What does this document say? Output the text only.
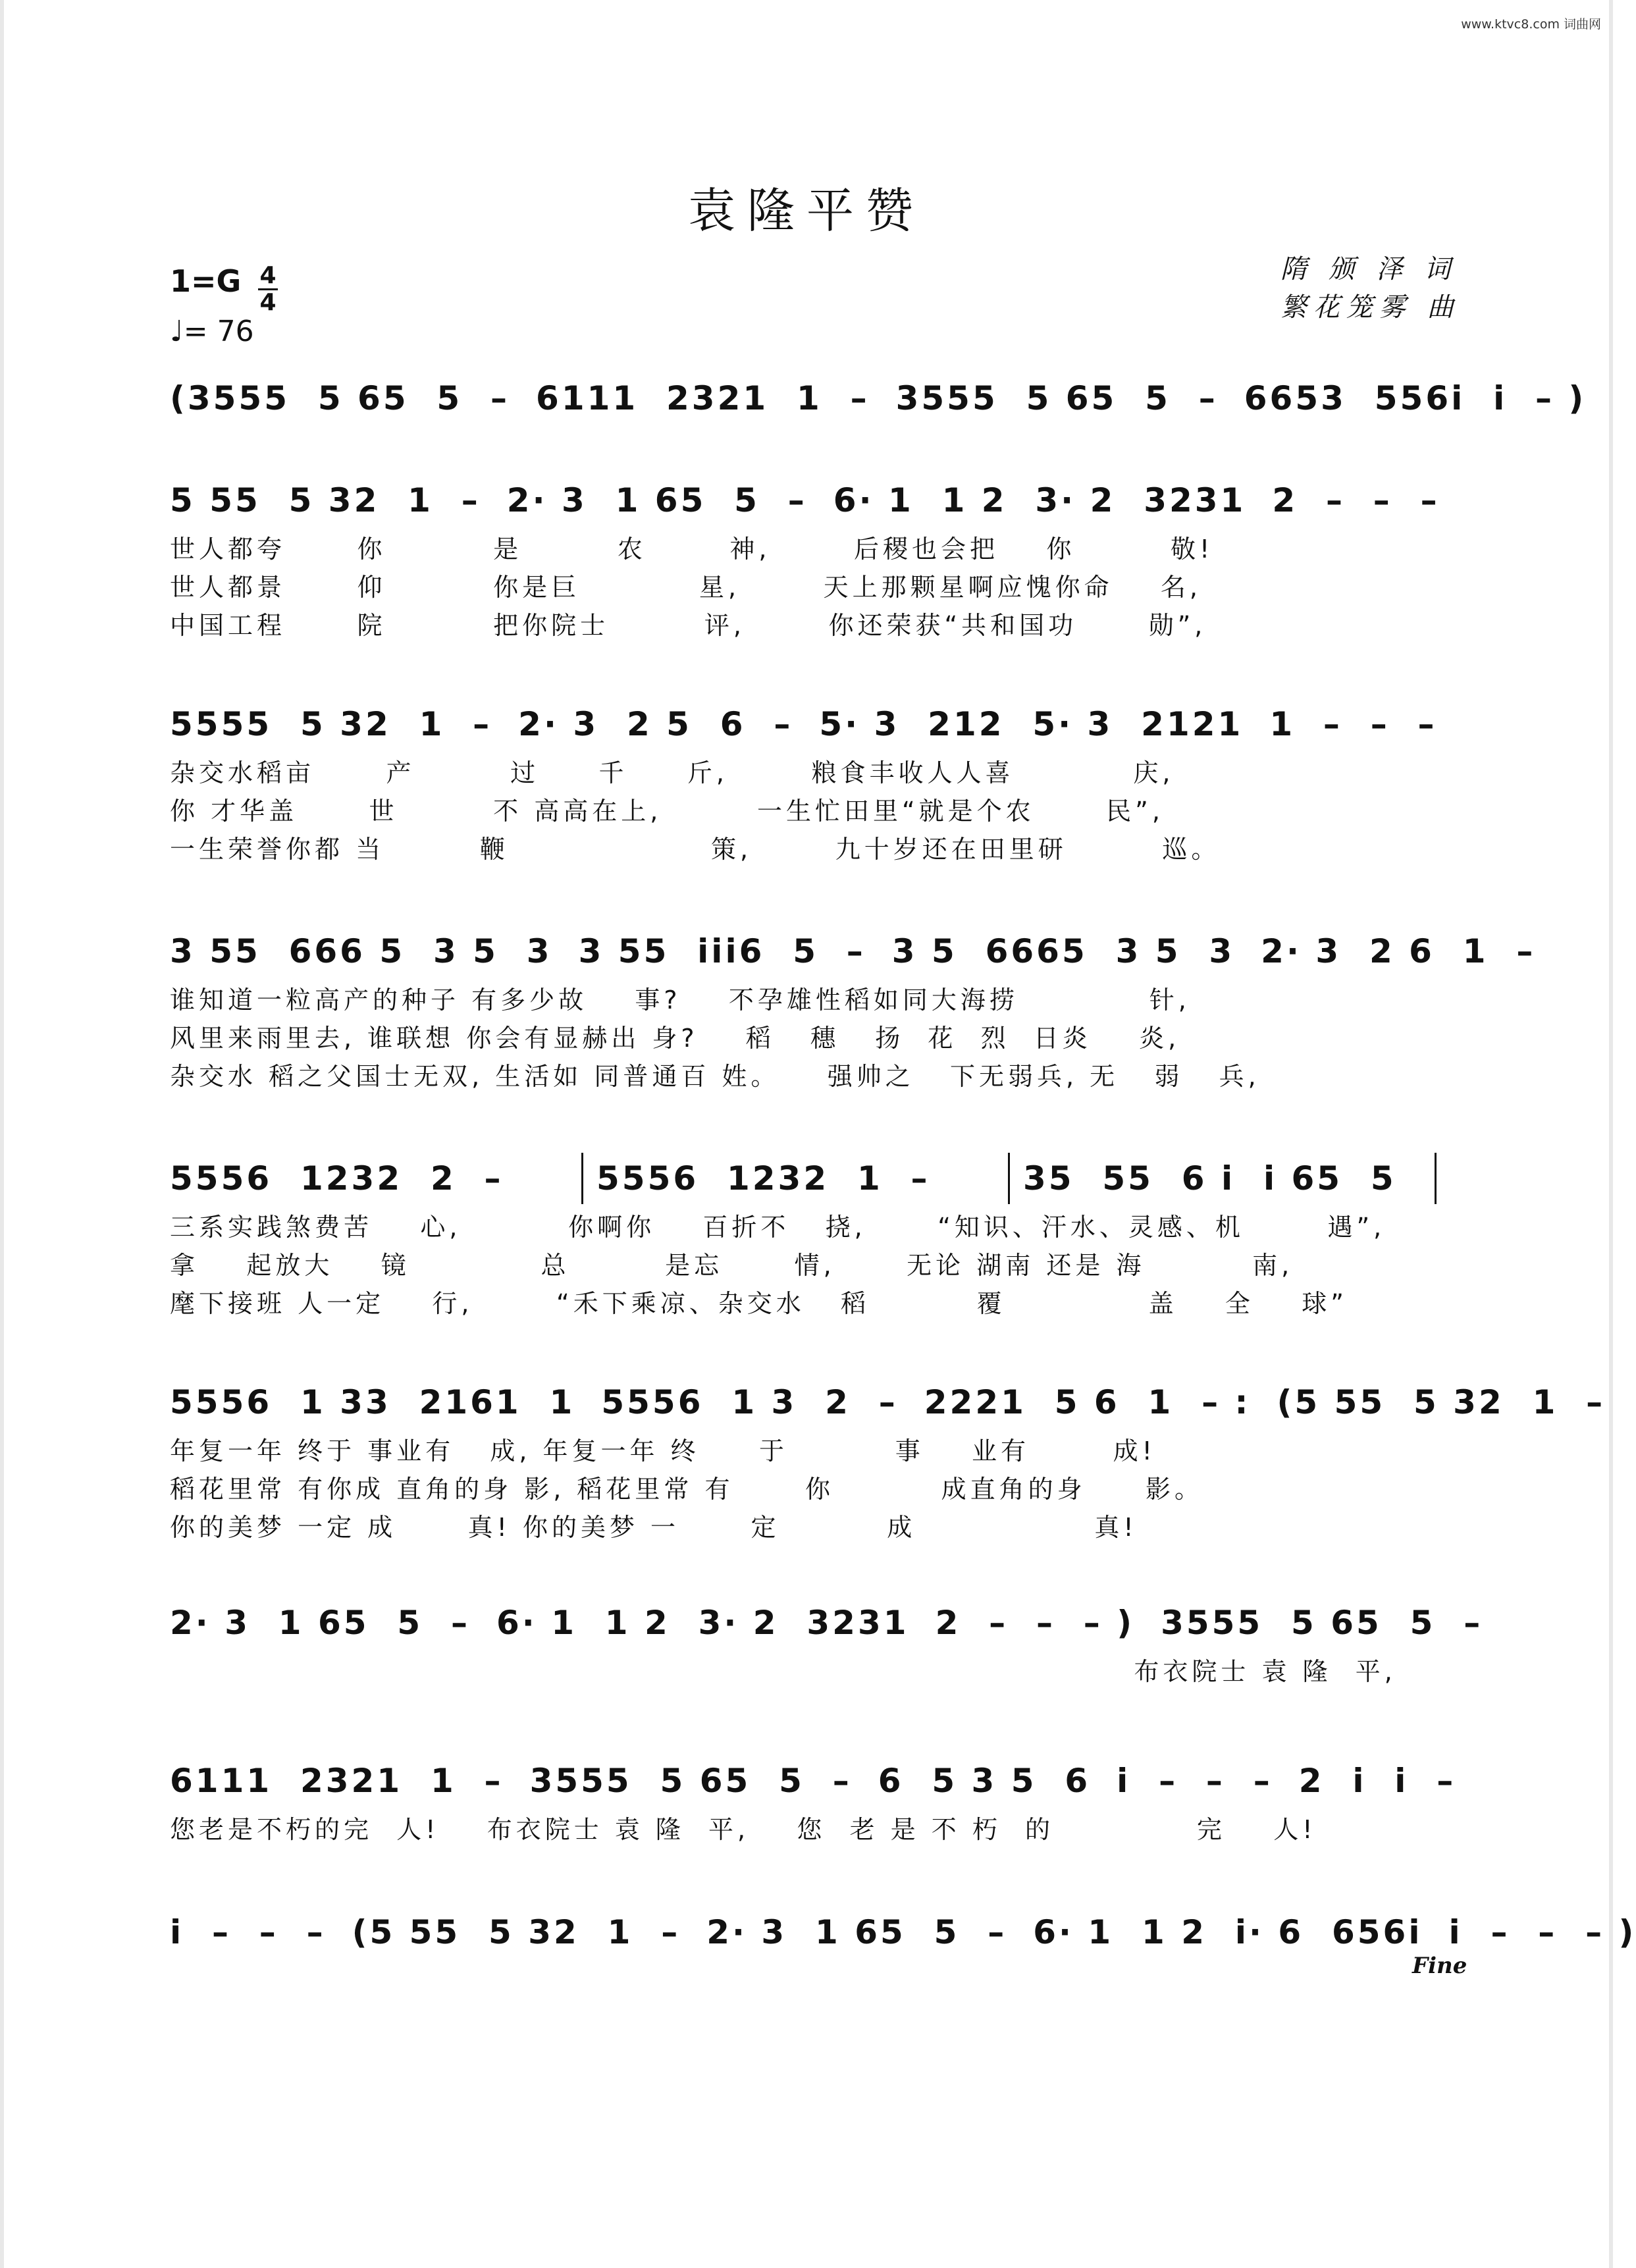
www.ktvc8.com 词曲网
袁隆平赞
隋 颁 泽 词
繁花笼雾 曲
1=G 4
4
♩= 76
(3555  5 65  5  – 6111  2321  1  – 3555  5 65  5  – 6653  556i  i  – )
5 55  5 32  1  – 2· 3  1 65  5  – 6· 1  1 2  3· 2  3231 2  –  –  –
世人都夸      你         是        农       神,       后稷也会把    你        敬!
世人都景      仰         你是巨          星,       天上那颗星啊应愧你命    名,
中国工程      院         把你院士        评,       你还荣获“共和国功      勋”,
5555  5 32  1  – 2· 3  2 5  6  – 5· 3  212  5· 3  2121 1  –  –  –
杂交水稻亩      产        过     千     斤,       粮食丰收人人喜          庆,
你 才华盖      世        不 高高在上,        一生忙田里“就是个农      民”,
一生荣誉你都 当        鞭                 策,       九十岁还在田里研        巡。
3 55  666 5  3 5  3 3 55  iii6  5  – 3 5  6665  3 5  3 2· 3  2 6  1  –
谁知道一粒高产的种子 有多少故    事?    不孕雄性稻如同大海捞           针,
风里来雨里去, 谁联想 你会有显赫出 身?    稻   穗   扬  花  烈  日炎    炎,
杂交水 稻之父国士无双, 生活如 同普通百 姓。    强帅之   下无弱兵, 无   弱   兵,
5556  1232  2  –	5556  1232  1  –	35  55  6 i  i 65  5
三系实践煞费苦    心,         你啊你    百折不   挠,      “知识、汗水、灵感、机       遇”,
拿    起放大    镜           总        是忘      情,      无论 湖南 还是 海         南,
麾下接班 人一定    行,       “禾下乘凉、杂交水   稻         覆            盖    全    球”
5556  1 33  2161  1 5556  1 3  2  – 2221  5 6  1  – : (5 55  5 32  1  –
年复一年 终于 事业有   成, 年复一年 终     于         事    业有       成!
稻花里常 有你成 直角的身 影, 稻花里常 有      你         成直角的身     影。
你的美梦 一定 成      真! 你的美梦 一      定         成               真!
2· 3  1 65  5  – 6· 1  1 2  3· 2  3231 2  –  –  – ) 3555  5 65  5  –
布衣院士 袁 隆  平,
6111  2321  1  – 3555  5 65  5  – 6  5 3 5  6 i  –  –  – 2  i  i  –
您老是不朽的完  人!    布衣院士 袁 隆  平,    您  老 是 不 朽  的            完    人!
i  –  –  – (5 55  5 32  1  – 2· 3  1 65  5  – 6· 1  1 2  i· 6  656i i  –  –  – )
Fine
